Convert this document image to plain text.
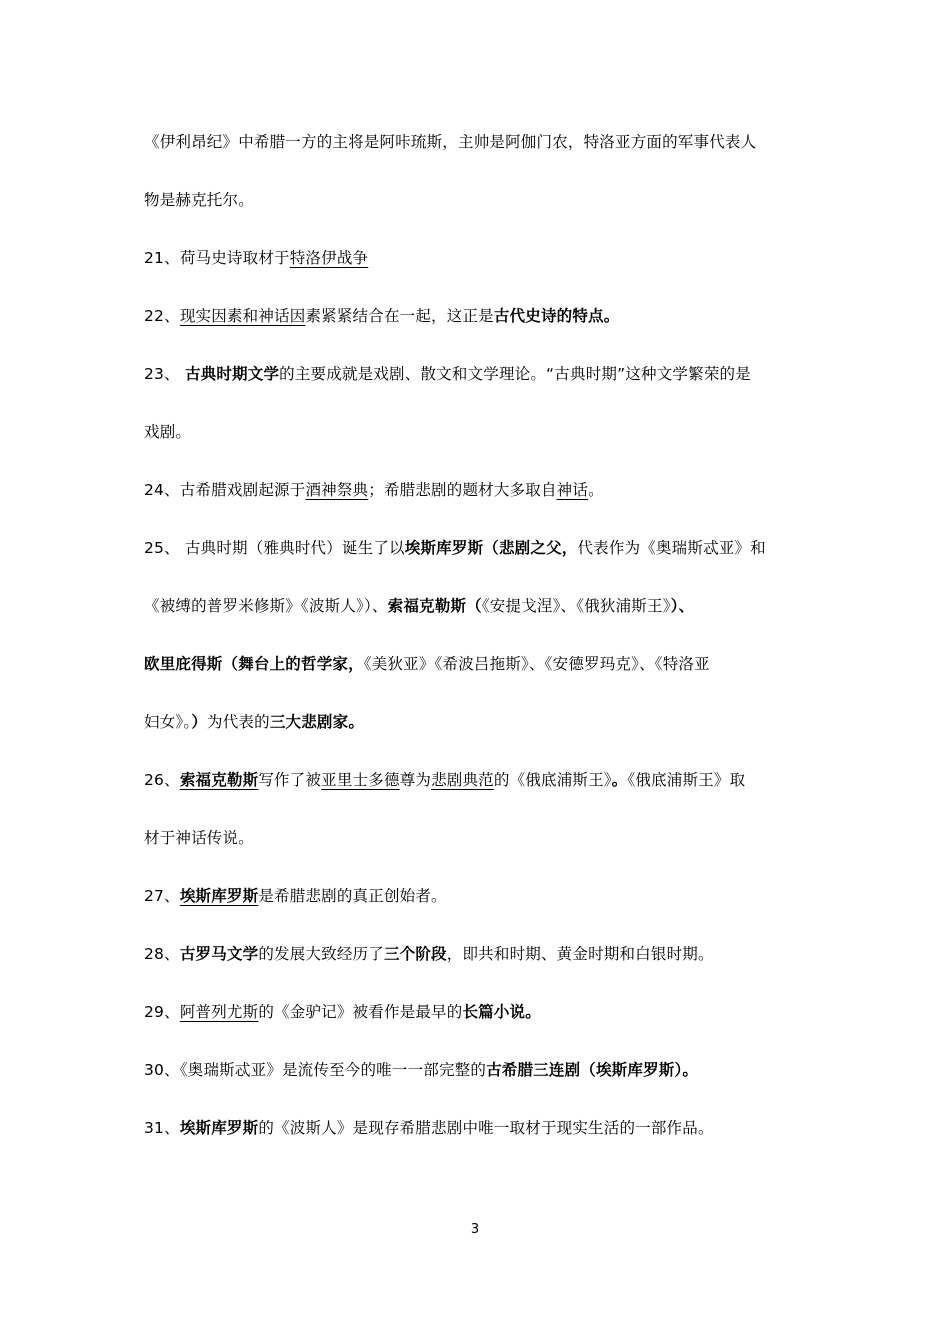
《伊利昂纪》中希腊一方的主将是阿咔琉斯，主帅是阿伽门农，特洛亚方面的军事代表人
物是赫克托尔。
21、荷马史诗取材于特洛伊战争
22、现实因素和神话因素紧紧结合在一起，这正是古代史诗的特点。
23、 古典时期文学的主要成就是戏剧、散文和文学理论。“古典时期”这种文学繁荣的是
戏剧。
24、古希腊戏剧起源于酒神祭典；希腊悲剧的题材大多取自神话。
25、 古典时期（雅典时代）诞生了以埃斯库罗斯（悲剧之父，代表作为《奥瑞斯忒亚》和
《被缚的普罗米修斯》《波斯人》）、索福克勒斯（《安提戈涅》、《俄狄浦斯王》）、
欧里庇得斯（舞台上的哲学家，《美狄亚》《希波吕拖斯》、《安德罗玛克》、《特洛亚
妇女》。）为代表的三大悲剧家。
26、索福克勒斯写作了被亚里士多德尊为悲剧典范的《俄底浦斯王》。《俄底浦斯王》取
材于神话传说。
27、埃斯库罗斯是希腊悲剧的真正创始者。
28、古罗马文学的发展大致经历了三个阶段，即共和时期、黄金时期和白银时期。
29、阿普列尤斯的《金驴记》被看作是最早的长篇小说。
30、《奥瑞斯忒亚》是流传至今的唯一一部完整的古希腊三连剧（埃斯库罗斯）。
31、埃斯库罗斯的《波斯人》是现存希腊悲剧中唯一取材于现实生活的一部作品。
3
